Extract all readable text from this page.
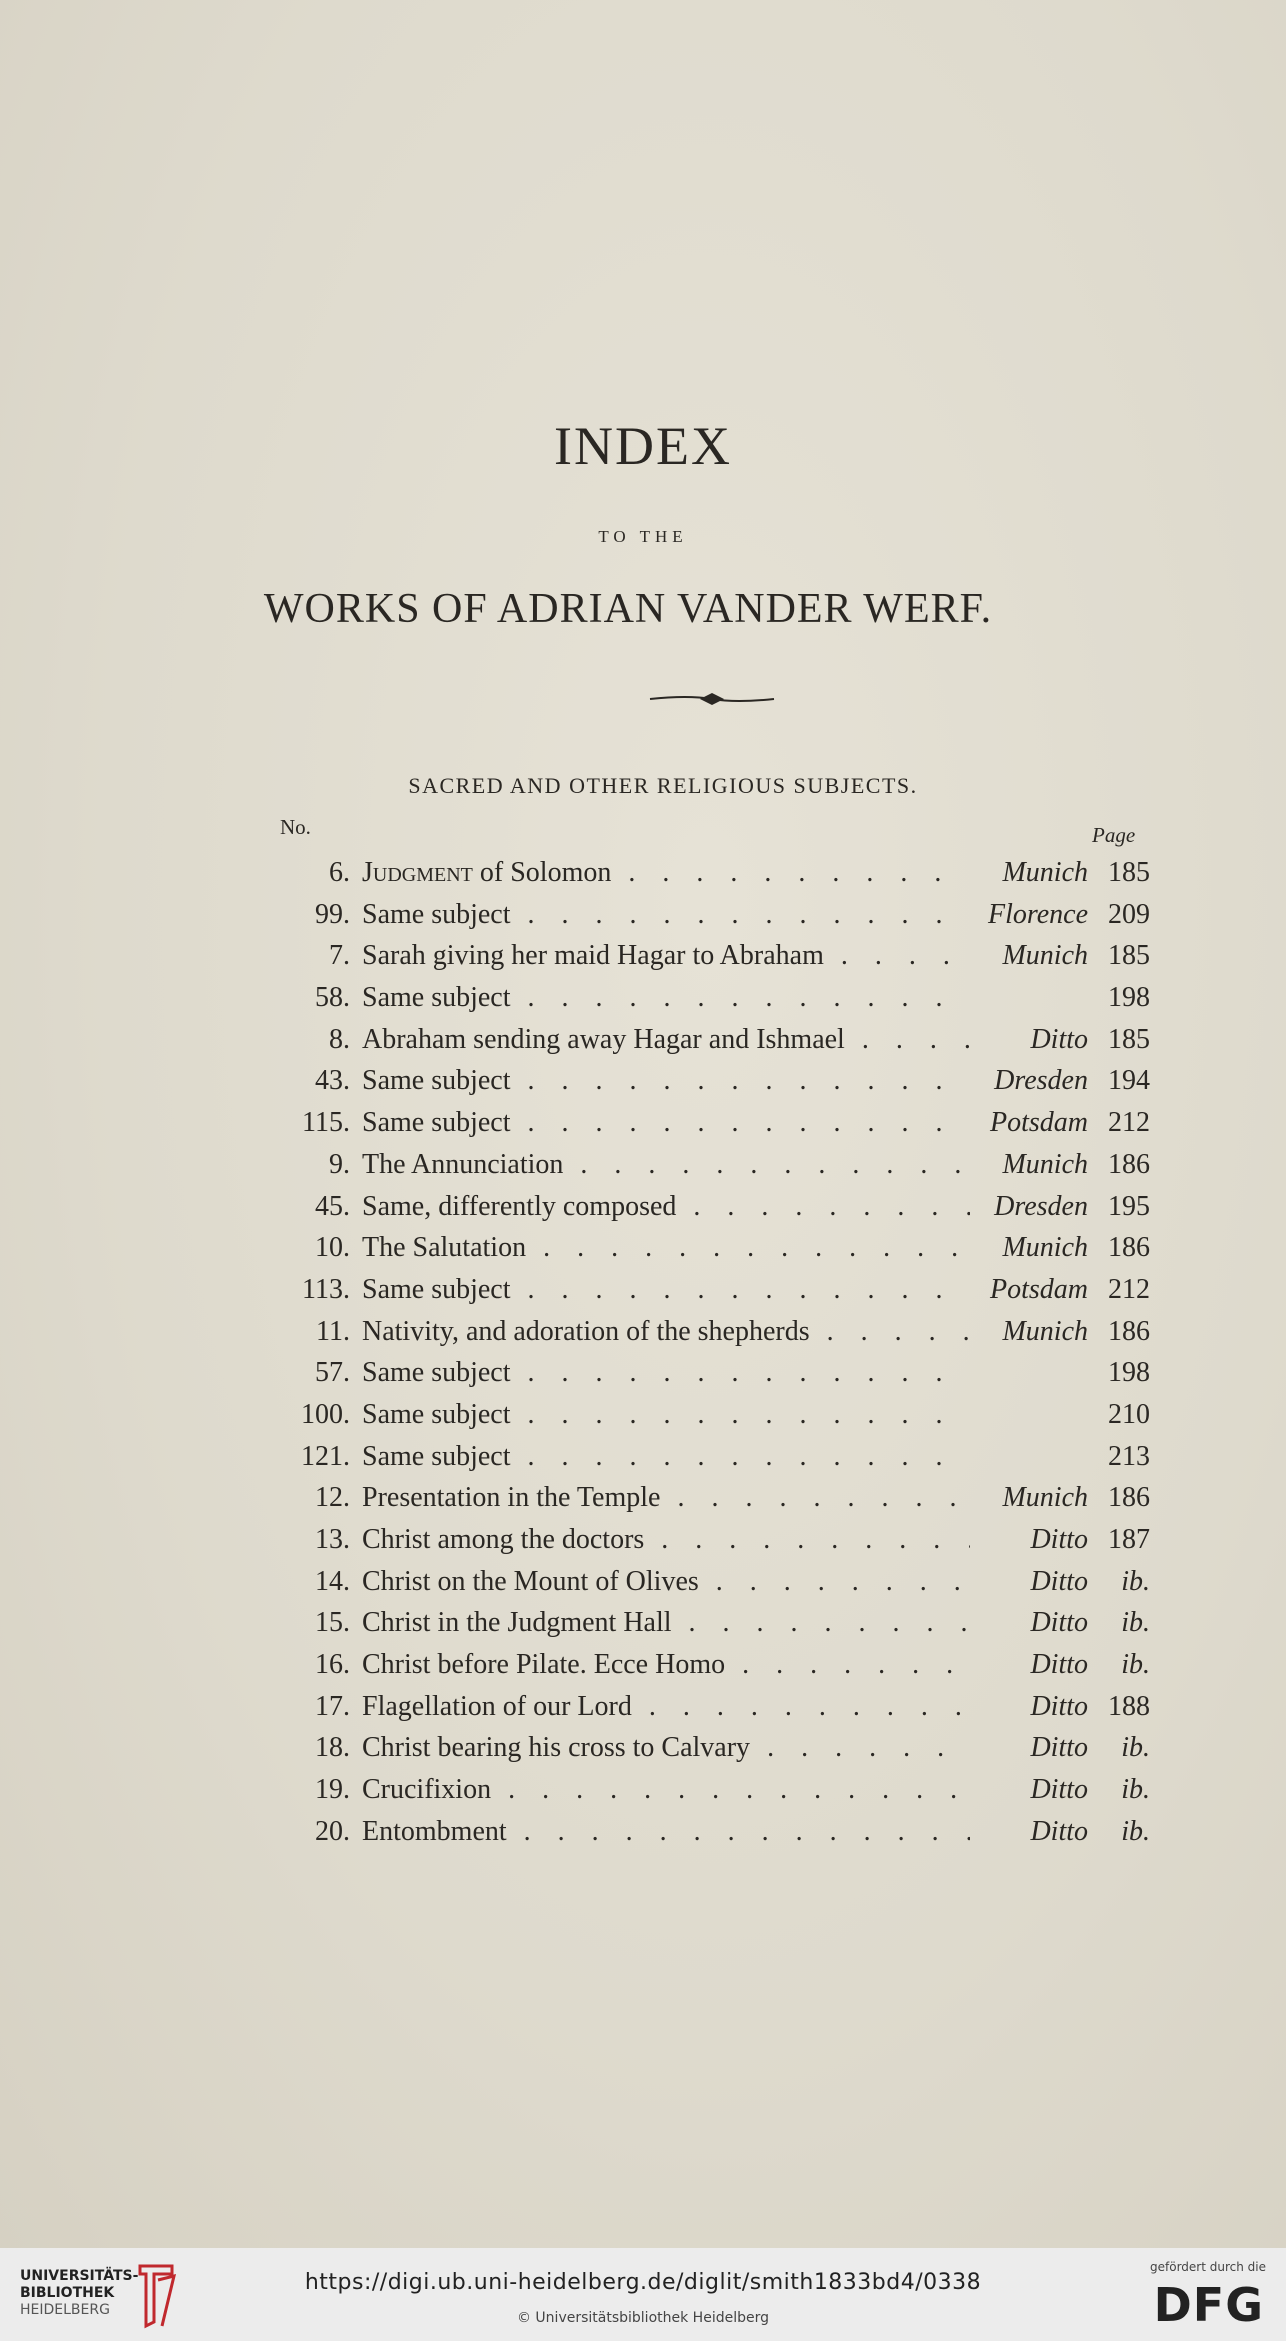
INDEX
TO THE
WORKS OF ADRIAN VANDER WERF.
SACRED AND OTHER RELIGIOUS SUBJECTS.
No.	Page
6. Judgment of Solomon . . .	Munich 185
99. Same subject . . .	Florence 209
7. Sarah giving her maid Hagar to Abraham . . .	Munich 185
58. Same subject . . .	198
8. Abraham sending away Hagar and Ishmael . . .	Ditto 185
43. Same subject . . .	Dresden 194
115. Same subject . . .	Potsdam 212
9. The Annunciation . . .	Munich 186
45. Same, differently composed . . .	Dresden 195
10. The Salutation . . .	Munich 186
113. Same subject . . .	Potsdam 212
11. Nativity, and adoration of the shepherds . . .	Munich 186
57. Same subject . . .	198
100. Same subject . . .	210
121. Same subject . . .	213
12. Presentation in the Temple . . .	Munich 186
13. Christ among the doctors . . .	Ditto 187
14. Christ on the Mount of Olives . . .	Ditto	ib.
15. Christ in the Judgment Hall . . .	Ditto	ib.
16. Christ before Pilate. Ecce Homo . . .	Ditto	ib.
17. Flagellation of our Lord . . .	Ditto 188
18. Christ bearing his cross to Calvary . . .	Ditto	ib.
19. Crucifixion . . .	Ditto	ib.
20. Entombment . . .	Ditto	ib.
UNIVERSITÄTS-
BIBLIOTHEK
HEIDELBERG
https://digi.ub.uni-heidelberg.de/diglit/smith1833bd4/0338
© Universitätsbibliothek Heidelberg
gefördert durch die
DFG
